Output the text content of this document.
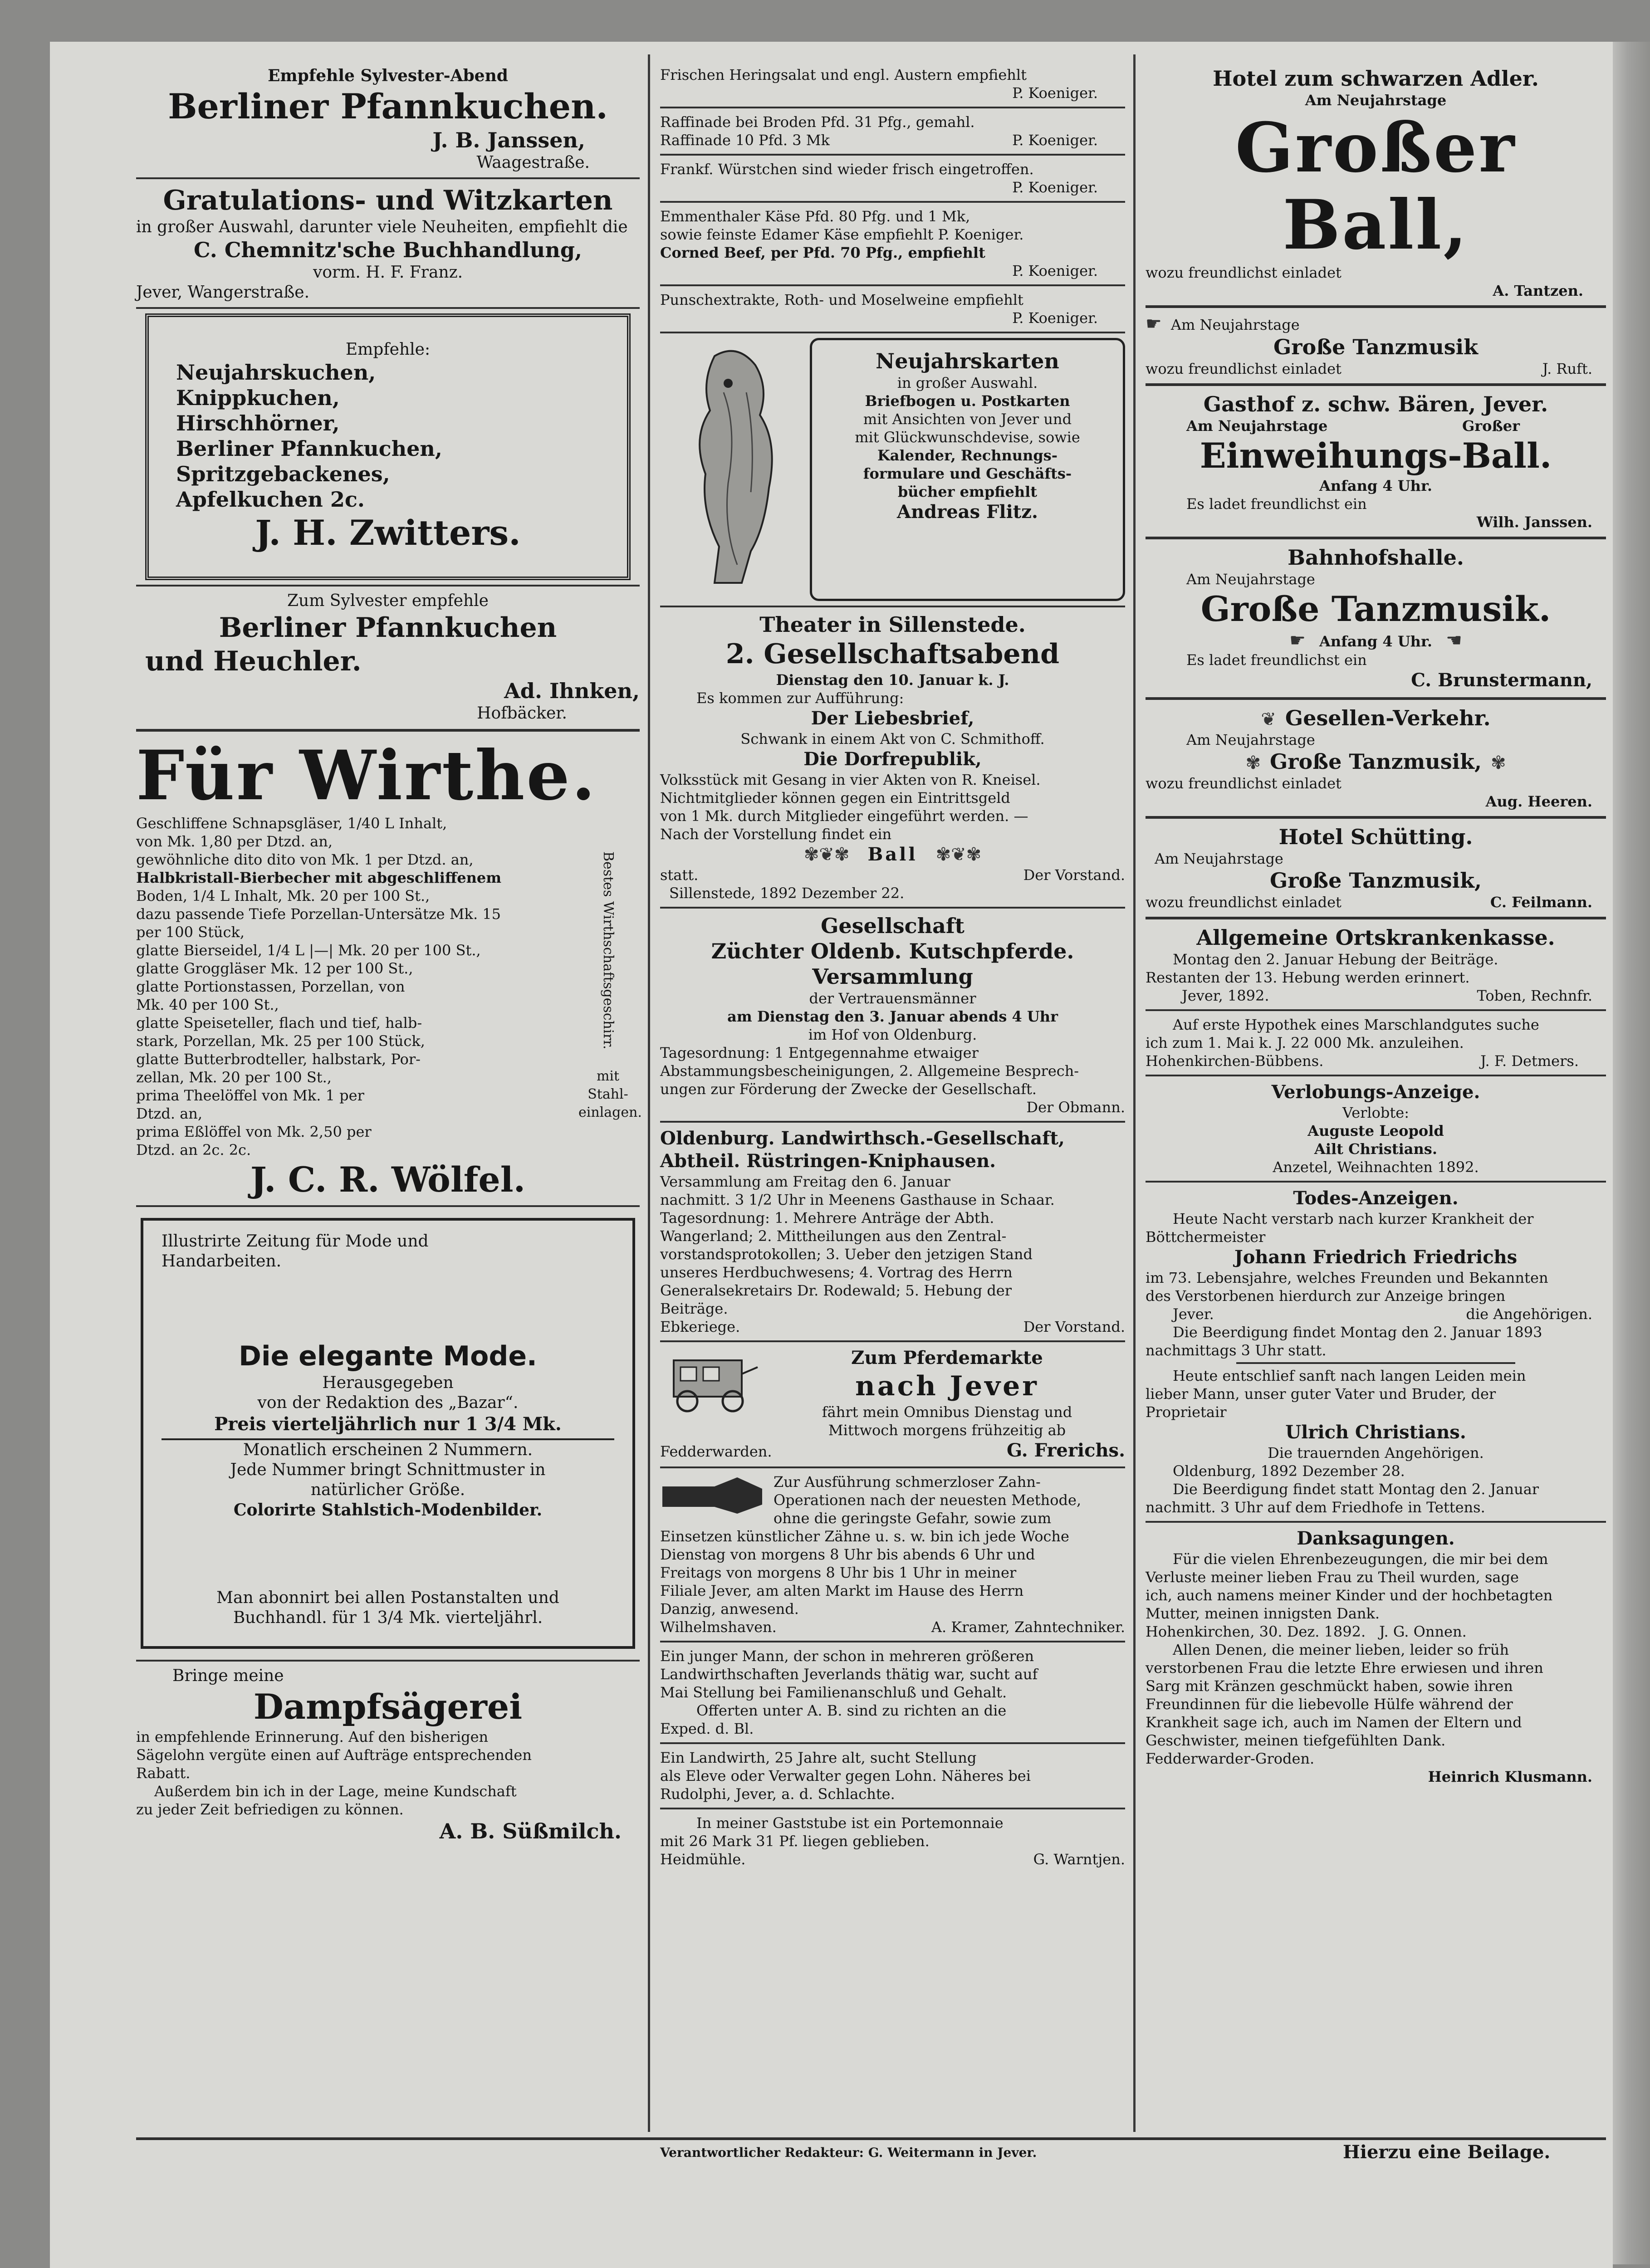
Empfehle Sylvester-Abend

Berliner Pfannkuchen.

J. B. Janssen,

Waagestraße.

Gratulations- und Witzkarten

in großer Auswahl, darunter viele Neuheiten, empfiehlt die

C. Chemnitz'sche Buchhandlung,

vorm. H. F. Franz.

Jever, Wangerstraße.

Empfehle:

Neujahrskuchen,

Knippkuchen,

Hirschhörner,

Berliner Pfannkuchen,

Spritzgebackenes,

Apfelkuchen 2c.

J. H. Zwitters.

Zum Sylvester empfehle

Berliner Pfannkuchen

und Heuchler.

Ad. Ihnken,

Hofbäcker.

Für Wirthe.

Geschliffene Schnapsgläser, 1/40 L Inhalt,

von Mk. 1,80 per Dtzd. an,

gewöhnliche dito dito von Mk. 1 per Dtzd. an,

Halbkristall-Bierbecher mit abgeschliffenem

Boden, 1/4 L Inhalt, Mk. 20 per 100 St.,

dazu passende Tiefe Porzellan-Untersätze Mk. 15

per 100 Stück,

glatte Bierseidel, 1/4 L |—| Mk. 20 per 100 St.,

glatte Groggläser Mk. 12 per 100 St.,

glatte Portionstassen, Porzellan, von

Mk. 40 per 100 St.,

glatte Speiseteller, flach und tief, halb-

stark, Porzellan, Mk. 25 per 100 Stück,

glatte Butterbrodteller, halbstark, Por-

zellan, Mk. 20 per 100 St.,

prima Theelöffel von Mk. 1 per

Dtzd. an,

prima Eßlöffel von Mk. 2,50 per

Dtzd. an 2c. 2c.

Bestes Wirthschaftsgeschirr.

mit Stahl-einlagen.

J. C. R. Wölfel.

Illustrirte Zeitung für Mode und

Handarbeiten.

Die elegante Mode.

Herausgegeben

von der Redaktion des „Bazar“.

Preis vierteljährlich nur 1 3/4 Mk.

Monatlich erscheinen 2 Nummern.

Jede Nummer bringt Schnittmuster in

natürlicher Größe.

Colorirte Stahlstich-Modenbilder.

Man abonnirt bei allen Postanstalten und

Buchhandl. für 1 3/4 Mk. vierteljährl.

Bringe meine

Dampfsägerei

in empfehlende Erinnerung. Auf den bisherigen

Sägelohn vergüte einen auf Aufträge entsprechenden

Rabatt.

Außerdem bin ich in der Lage, meine Kundschaft

zu jeder Zeit befriedigen zu können.

A. B. Süßmilch.

Frischen Heringsalat und engl. Austern empfiehlt

P. Koeniger.

Raffinade bei Broden Pfd. 31 Pfg., gemahl.

Raffinade 10 Pfd. 3 Mk	P. Koeniger.

Frankf. Würstchen sind wieder frisch eingetroffen.

P. Koeniger.

Emmenthaler Käse Pfd. 80 Pfg. und 1 Mk,

sowie feinste Edamer Käse empfiehlt P. Koeniger.

Corned Beef, per Pfd. 70 Pfg., empfiehlt

P. Koeniger.

Punschextrakte, Roth- und Moselweine empfiehlt

P. Koeniger.

Neujahrskarten

in großer Auswahl.

Briefbogen u. Postkarten

mit Ansichten von Jever und

mit Glückwunschdevise, sowie

Kalender, Rechnungs-

formulare und Geschäfts-

bücher empfiehlt

Andreas Flitz.

Theater in Sillenstede.

2. Gesellschaftsabend

Dienstag den 10. Januar k. J.

Es kommen zur Aufführung:

Der Liebesbrief,

Schwank in einem Akt von C. Schmithoff.

Die Dorfrepublik,

Volksstück mit Gesang in vier Akten von R. Kneisel.

Nichtmitglieder können gegen ein Eintrittsgeld

von 1 Mk. durch Mitglieder eingeführt werden. —

Nach der Vorstellung findet ein

✾❦✾ Ball ✾❦✾

statt.	Der Vorstand.

Sillenstede, 1892 Dezember 22.

Gesellschaft

Züchter Oldenb. Kutschpferde.

Versammlung

der Vertrauensmänner

am Dienstag den 3. Januar abends 4 Uhr

im Hof von Oldenburg.

Tagesordnung: 1 Entgegennahme etwaiger

Abstammungsbescheinigungen, 2. Allgemeine Besprech-

ungen zur Förderung der Zwecke der Gesellschaft.

Der Obmann.

Oldenburg. Landwirthsch.-Gesellschaft,

Abtheil. Rüstringen-Kniphausen.

Versammlung am Freitag den 6. Januar

nachmitt. 3 1/2 Uhr in Meenens Gasthause in Schaar.

Tagesordnung: 1. Mehrere Anträge der Abth.

Wangerland; 2. Mittheilungen aus den Zentral-

vorstandsprotokollen; 3. Ueber den jetzigen Stand

unseres Herdbuchwesens; 4. Vortrag des Herrn

Generalsekretairs Dr. Rodewald; 5. Hebung der

Beiträge.

Ebkeriege.	Der Vorstand.

Zum Pferdemarkte

nach Jever

fährt mein Omnibus Dienstag und

Mittwoch morgens frühzeitig ab

Fedderwarden.	G. Frerichs.

Zur Ausführung schmerzloser Zahn-

Operationen nach der neuesten Methode,

ohne die geringste Gefahr, sowie zum

Einsetzen künstlicher Zähne u. s. w. bin ich jede Woche

Dienstag von morgens 8 Uhr bis abends 6 Uhr und

Freitags von morgens 8 Uhr bis 1 Uhr in meiner

Filiale Jever, am alten Markt im Hause des Herrn

Danzig, anwesend.

Wilhelmshaven.	A. Kramer, Zahntechniker.

Ein junger Mann, der schon in mehreren größeren

Landwirthschaften Jeverlands thätig war, sucht auf

Mai Stellung bei Familienanschluß und Gehalt.

Offerten unter A. B. sind zu richten an die

Exped. d. Bl.

Ein Landwirth, 25 Jahre alt, sucht Stellung

als Eleve oder Verwalter gegen Lohn. Näheres bei

Rudolphi, Jever, a. d. Schlachte.

In meiner Gaststube ist ein Portemonnaie

mit 26 Mark 31 Pf. liegen geblieben.

Heidmühle.	G. Warntjen.

Hotel zum schwarzen Adler.

Am Neujahrstage

Großer Ball,

wozu freundlichst einladet

A. Tantzen.

☛ Am Neujahrstage

Große Tanzmusik

wozu freundlichst einladet	J. Ruft.

Gasthof z. schw. Bären, Jever.

Am Neujahrstage	Großer

Einweihungs-Ball.

Anfang 4 Uhr.

Es ladet freundlichst ein

Wilh. Janssen.

Bahnhofshalle.

Am Neujahrstage

Große Tanzmusik.

☛ Anfang 4 Uhr. ☚

Es ladet freundlichst ein

C. Brunstermann,

❦ Gesellen-Verkehr.

Am Neujahrstage

✾ Große Tanzmusik, ✾

wozu freundlichst einladet

Aug. Heeren.

Hotel Schütting.

Am Neujahrstage

Große Tanzmusik,

wozu freundlichst einladet	C. Feilmann.

Allgemeine Ortskrankenkasse.

Montag den 2. Januar Hebung der Beiträge.

Restanten der 13. Hebung werden erinnert.

Jever, 1892.	Toben, Rechnfr.

Auf erste Hypothek eines Marschlandgutes suche

ich zum 1. Mai k. J. 22 000 Mk. anzuleihen.

Hohenkirchen-Bübbens.	J. F. Detmers.

Verlobungs-Anzeige.

Verlobte:

Auguste Leopold

Ailt Christians.

Anzetel, Weihnachten 1892.

Todes-Anzeigen.

Heute Nacht verstarb nach kurzer Krankheit der

Böttchermeister

Johann Friedrich Friedrichs

im 73. Lebensjahre, welches Freunden und Bekannten

des Verstorbenen hierdurch zur Anzeige bringen

Jever.	die Angehörigen.

Die Beerdigung findet Montag den 2. Januar 1893

nachmittags 3 Uhr statt.

Heute entschlief sanft nach langen Leiden mein

lieber Mann, unser guter Vater und Bruder, der

Proprietair

Ulrich Christians.

Die trauernden Angehörigen.

Oldenburg, 1892 Dezember 28.

Die Beerdigung findet statt Montag den 2. Januar

nachmitt. 3 Uhr auf dem Friedhofe in Tettens.

Danksagungen.

Für die vielen Ehrenbezeugungen, die mir bei dem

Verluste meiner lieben Frau zu Theil wurden, sage

ich, auch namens meiner Kinder und der hochbetagten

Mutter, meinen innigsten Dank.

Hohenkirchen, 30. Dez. 1892. J. G. Onnen.

Allen Denen, die meiner lieben, leider so früh

verstorbenen Frau die letzte Ehre erwiesen und ihren

Sarg mit Kränzen geschmückt haben, sowie ihren

Freundinnen für die liebevolle Hülfe während der

Krankheit sage ich, auch im Namen der Eltern und

Geschwister, meinen tiefgefühlten Dank.

Fedderwarder-Groden.

Heinrich Klusmann.

Verantwortlicher Redakteur: G. Weitermann in Jever.	Hierzu eine Beilage.
